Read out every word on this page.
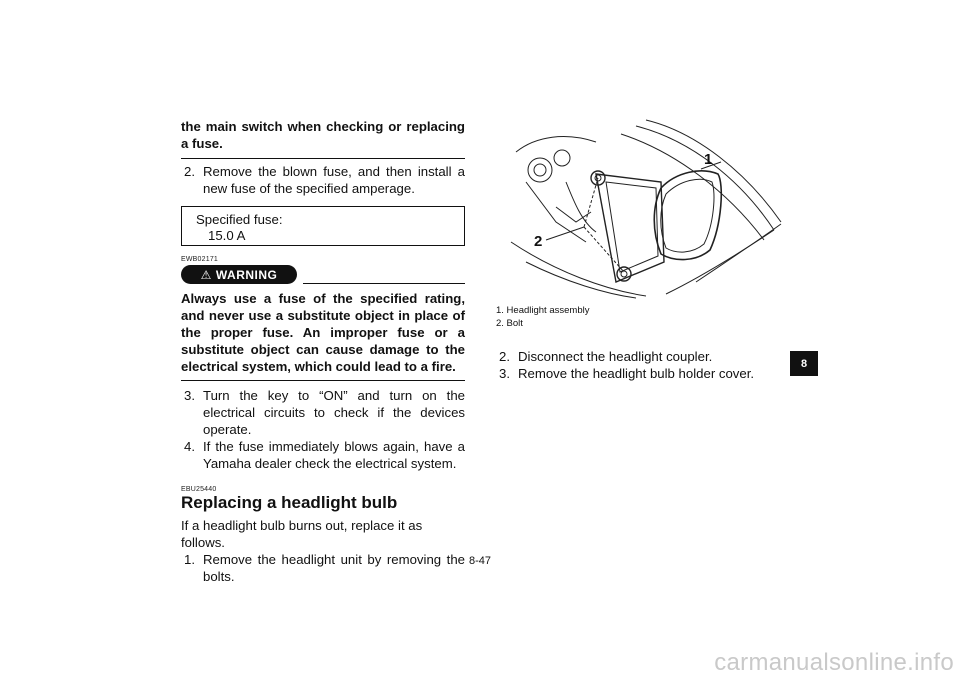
the main switch when checking or replacing a fuse.

2. Remove the blown fuse, and then install a new fuse of the specified amperage.
Specified fuse:
15.0 A

EWB02171

⚠ WARNING

Always use a fuse of the specified rating, and never use a substitute object in place of the proper fuse. An improper fuse or a substitute object can cause damage to the electrical system, which could lead to a fire.

3. Turn the key to “ON” and turn on the electrical circuits to check if the devices operate.
4. If the fuse immediately blows again, have a Yamaha dealer check the electrical system.

EBU25440

Replacing a headlight bulb

If a headlight bulb burns out, replace it as follows.

1. Remove the headlight unit by removing the bolts.
1
2

1. Headlight assembly

2. Bolt

2. Disconnect the headlight coupler.
3. Remove the headlight bulb holder cover.
8
8-47
carmanualsonline.info
